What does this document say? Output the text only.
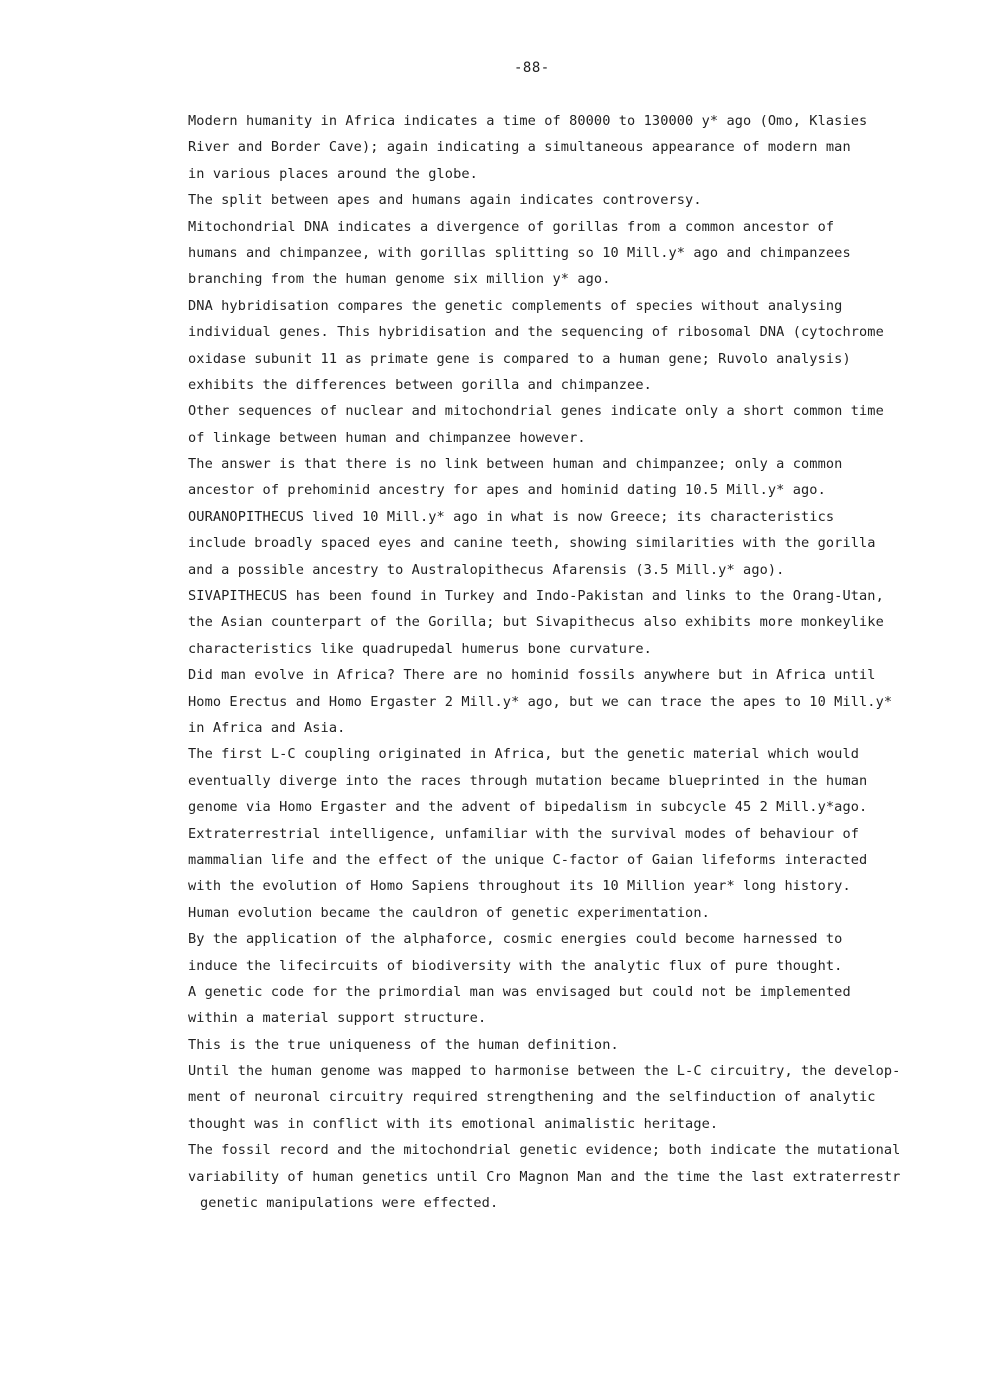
-88-
Modern humanity in Africa indicates a time of 80000 to 130000 y* ago (Omo, Klasies
River and Border Cave); again indicating a simultaneous appearance of modern man
in various places around the globe.
The split between apes and humans again indicates controversy.
Mitochondrial DNA indicates a divergence of gorillas from a common ancestor of
humans and chimpanzee, with gorillas splitting so 10 Mill.y* ago and chimpanzees
branching from the human genome six million y* ago.
DNA hybridisation compares the genetic complements of species without analysing
individual genes. This hybridisation and the sequencing of ribosomal DNA (cytochrome
oxidase subunit 11 as primate gene is compared to a human gene; Ruvolo analysis)
exhibits the differences between gorilla and chimpanzee.
Other sequences of nuclear and mitochondrial genes indicate only a short common time
of linkage between human and chimpanzee however.
The answer is that there is no link between human and chimpanzee; only a common
ancestor of prehominid ancestry for apes and hominid dating 10.5 Mill.y* ago.
OURANOPITHECUS lived 10 Mill.y* ago in what is now Greece; its characteristics
include broadly spaced eyes and canine teeth, showing similarities with the gorilla
and a possible ancestry to Australopithecus Afarensis (3.5 Mill.y* ago).
SIVAPITHECUS has been found in Turkey and Indo-Pakistan and links to the Orang-Utan,
the Asian counterpart of the Gorilla; but Sivapithecus also exhibits more monkeylike
characteristics like quadrupedal humerus bone curvature.
Did man evolve in Africa? There are no hominid fossils anywhere but in Africa until
Homo Erectus and Homo Ergaster 2 Mill.y* ago, but we can trace the apes to 10 Mill.y*
in Africa and Asia.
The first L-C coupling originated in Africa, but the genetic material which would
eventually diverge into the races through mutation became blueprinted in the human
genome via Homo Ergaster and the advent of bipedalism in subcycle 45 2 Mill.y*ago.
Extraterrestrial intelligence, unfamiliar with the survival modes of behaviour of
mammalian life and the effect of the unique C-factor of Gaian lifeforms interacted
with the evolution of Homo Sapiens throughout its 10 Million year* long history.
Human evolution became the cauldron of genetic experimentation.
By the application of the alphaforce, cosmic energies could become harnessed to
induce the lifecircuits of biodiversity with the analytic flux of pure thought.
A genetic code for the primordial man was envisaged but could not be implemented
within a material support structure.
This is the true uniqueness of the human definition.
Until the human genome was mapped to harmonise between the L-C circuitry, the develop-
ment of neuronal circuitry required strengthening and the selfinduction of analytic
thought was in conflict with its emotional animalistic heritage.
The fossil record and the mitochondrial genetic evidence; both indicate the mutational
variability of human genetics until Cro Magnon Man and the time the last extraterrestr
genetic manipulations were effected.
